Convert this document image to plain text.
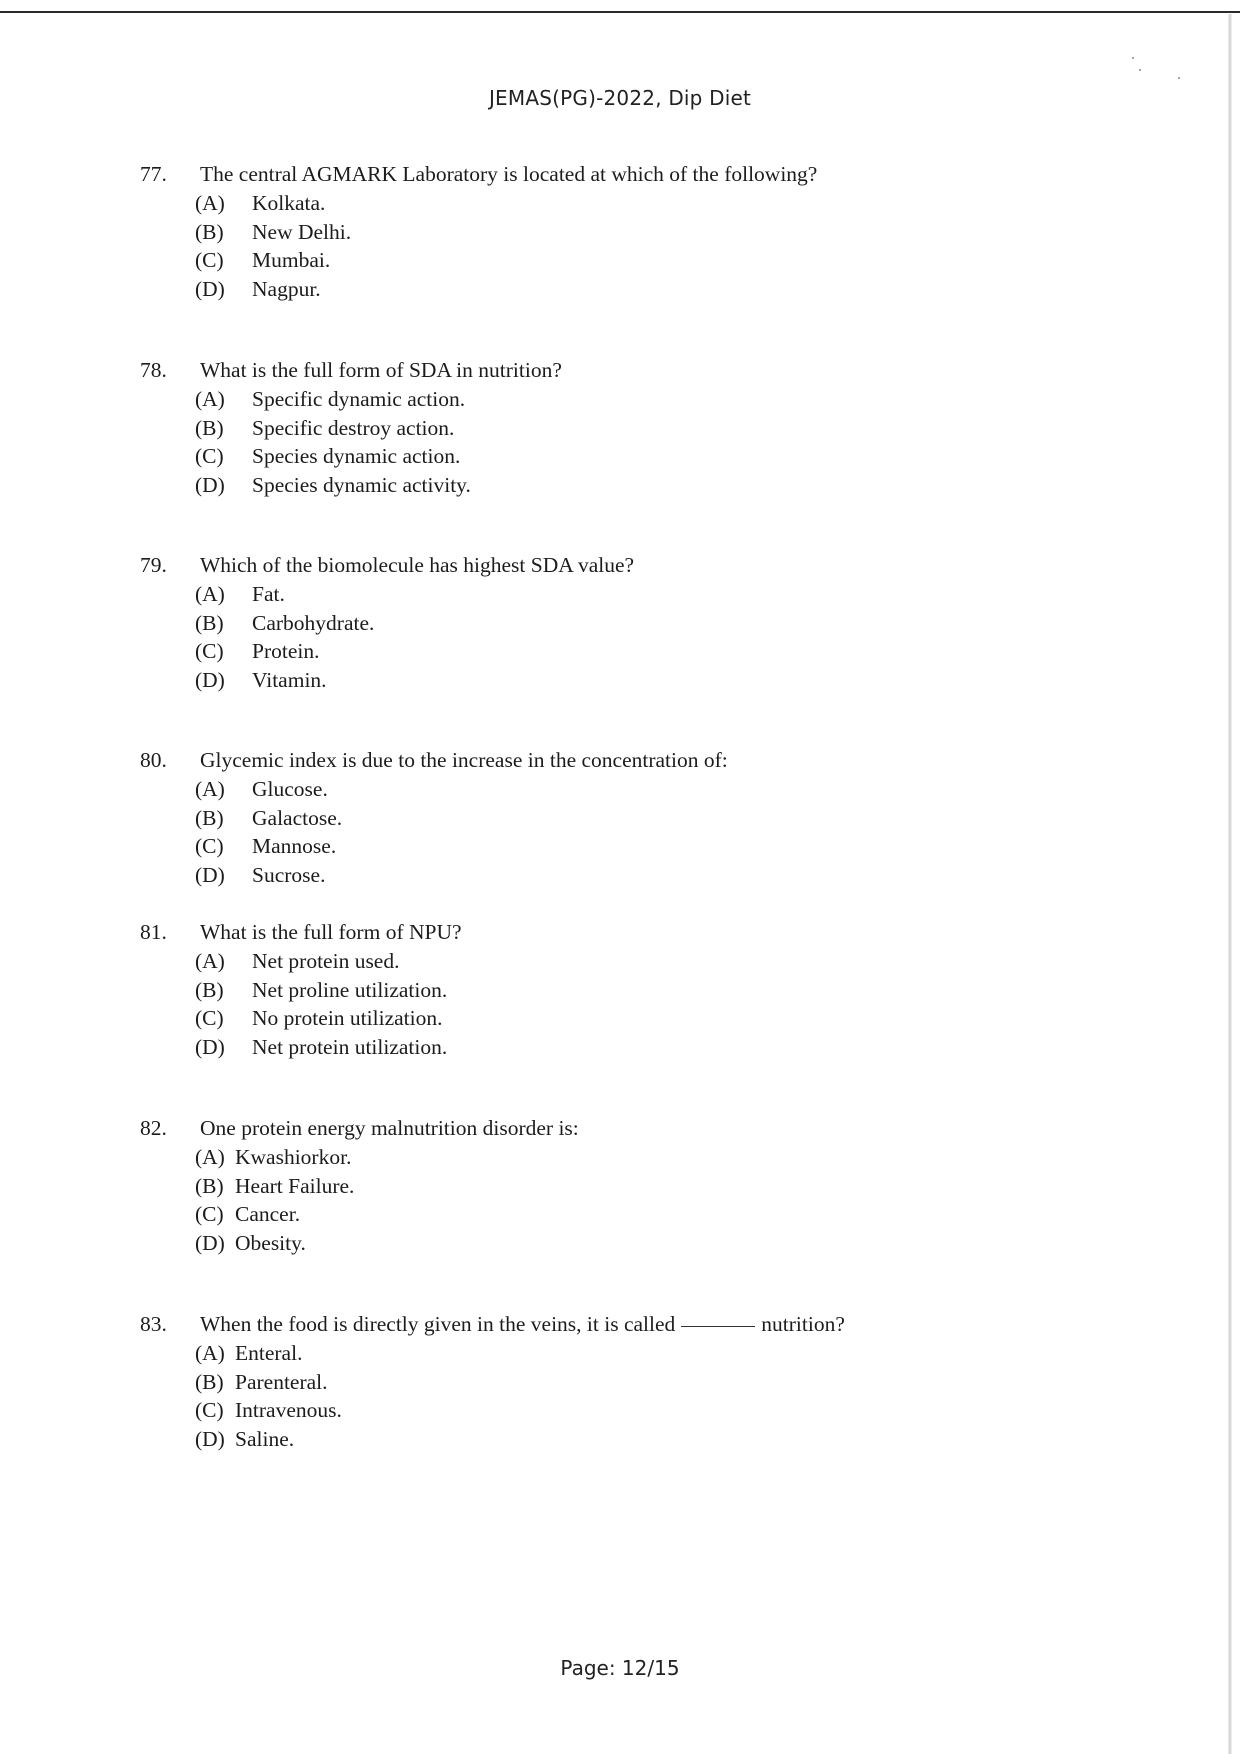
JEMAS(PG)-2022, Dip Diet
77. The central AGMARK Laboratory is located at which of the following?
(A) Kolkata.
(B) New Delhi.
(C) Mumbai.
(D) Nagpur.
78. What is the full form of SDA in nutrition?
(A) Specific dynamic action.
(B) Specific destroy action.
(C) Species dynamic action.
(D) Species dynamic activity.
79. Which of the biomolecule has highest SDA value?
(A) Fat.
(B) Carbohydrate.
(C) Protein.
(D) Vitamin.
80. Glycemic index is due to the increase in the concentration of:
(A) Glucose.
(B) Galactose.
(C) Mannose.
(D) Sucrose.
81. What is the full form of NPU?
(A) Net protein used.
(B) Net proline utilization.
(C) No protein utilization.
(D) Net protein utilization.
82. One protein energy malnutrition disorder is:
(A) Kwashiorkor.
(B) Heart Failure.
(C) Cancer.
(D) Obesity.
83. When the food is directly given in the veins, it is called	nutrition?
(A) Enteral.
(B) Parenteral.
(C) Intravenous.
(D) Saline.
Page: 12/15
